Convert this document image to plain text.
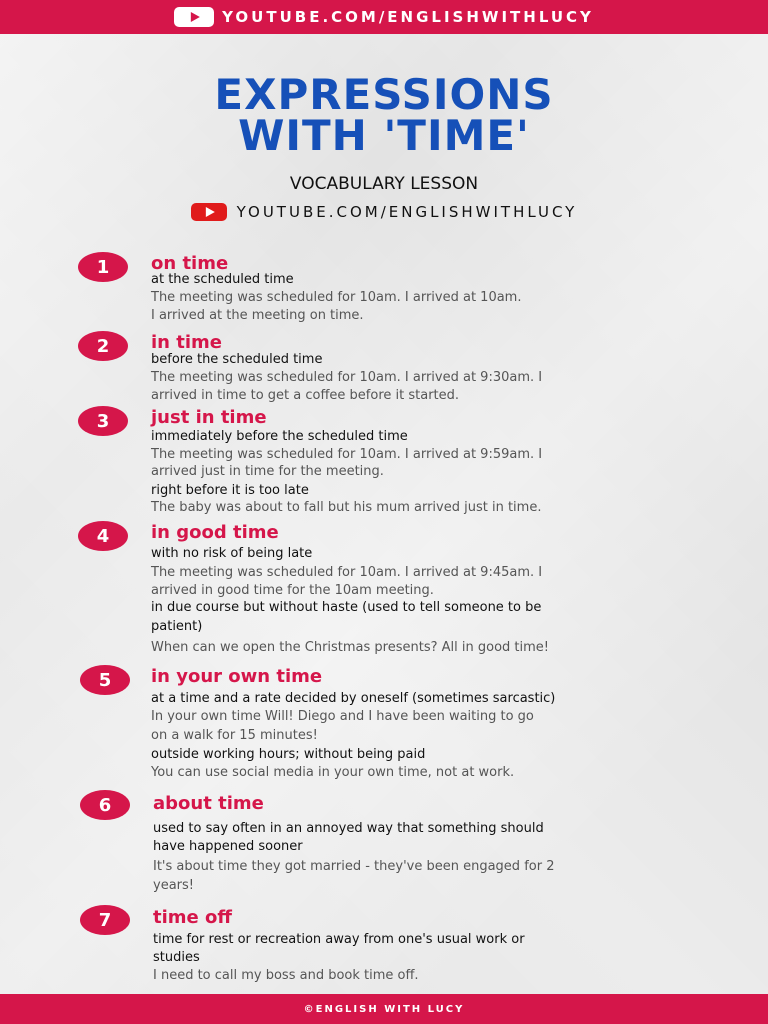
YOUTUBE.COM/ENGLISHWITHLUCY
EXPRESSIONS
WITH 'TIME'
VOCABULARY LESSON
YOUTUBE.COM/ENGLISHWITHLUCY
1	on time
at the scheduled time
The meeting was scheduled for 10am. I arrived at 10am.
I arrived at the meeting on time.
2	in time
before the scheduled time
The meeting was scheduled for 10am. I arrived at 9:30am. I
arrived in time to get a coffee before it started.
3	just in time
immediately before the scheduled time
The meeting was scheduled for 10am. I arrived at 9:59am. I
arrived just in time for the meeting.
right before it is too late
The baby was about to fall but his mum arrived just in time.
4	in good time
with no risk of being late
The meeting was scheduled for 10am. I arrived at 9:45am. I
arrived in good time for the 10am meeting.
in due course but without haste (used to tell someone to be
patient)
When can we open the Christmas presents? All in good time!
5	in your own time
at a time and a rate decided by oneself (sometimes sarcastic)
In your own time Will! Diego and I have been waiting to go
on a walk for 15 minutes!
outside working hours; without being paid
You can use social media in your own time, not at work.
6	about time
used to say often in an annoyed way that something should
have happened sooner
It's about time they got married - they've been engaged for 2
years!
7	time off
time for rest or recreation away from one's usual work or
studies
I need to call my boss and book time off.
©ENGLISH WITH LUCY
